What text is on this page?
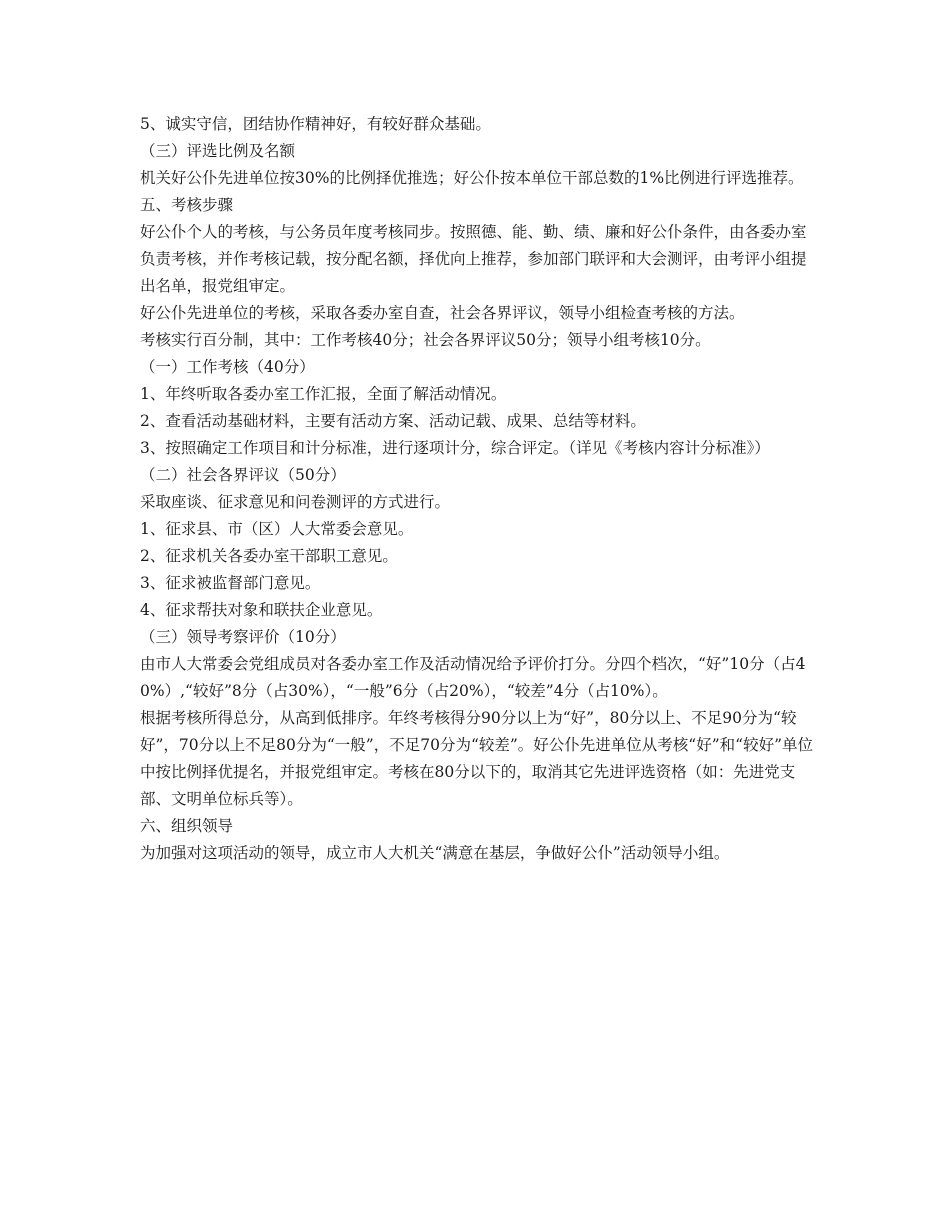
5、诚实守信，团结协作精神好，有较好群众基础。

（三）评选比例及名额

机关好公仆先进单位按30%的比例择优推选；好公仆按本单位干部总数的1%比例进行评选推荐。

五、考核步骤

好公仆个人的考核，与公务员年度考核同步。按照德、能、勤、绩、廉和好公仆条件，由各委办室负责考核，并作考核记载，按分配名额，择优向上推荐，参加部门联评和大会测评，由考评小组提出名单，报党组审定。

好公仆先进单位的考核，采取各委办室自查，社会各界评议，领导小组检查考核的方法。

考核实行百分制，其中：工作考核40分；社会各界评议50分；领导小组考核10分。

（一）工作考核（40分）

1、年终听取各委办室工作汇报，全面了解活动情况。

2、查看活动基础材料，主要有活动方案、活动记载、成果、总结等材料。

3、按照确定工作项目和计分标准，进行逐项计分，综合评定。（详见《考核内容计分标准》）

（二）社会各界评议（50分）

采取座谈、征求意见和问卷测评的方式进行。

1、征求县、市（区）人大常委会意见。

2、征求机关各委办室干部职工意见。

3、征求被监督部门意见。

4、征求帮扶对象和联扶企业意见。

（三）领导考察评价（10分）

由市人大常委会党组成员对各委办室工作及活动情况给予评价打分。分四个档次，“好”10分（占40%）,“较好”8分（占30%），“一般”6分（占20%），“较差”4分（占10%）。

根据考核所得总分，从高到低排序。年终考核得分90分以上为“好”，80分以上、不足90分为“较好”，70分以上不足80分为“一般”，不足70分为“较差”。好公仆先进单位从考核“好”和“较好”单位中按比例择优提名，并报党组审定。考核在80分以下的，取消其它先进评选资格（如：先进党支部、文明单位标兵等）。

六、组织领导

为加强对这项活动的领导，成立市人大机关“满意在基层，争做好公仆”活动领导小组。
